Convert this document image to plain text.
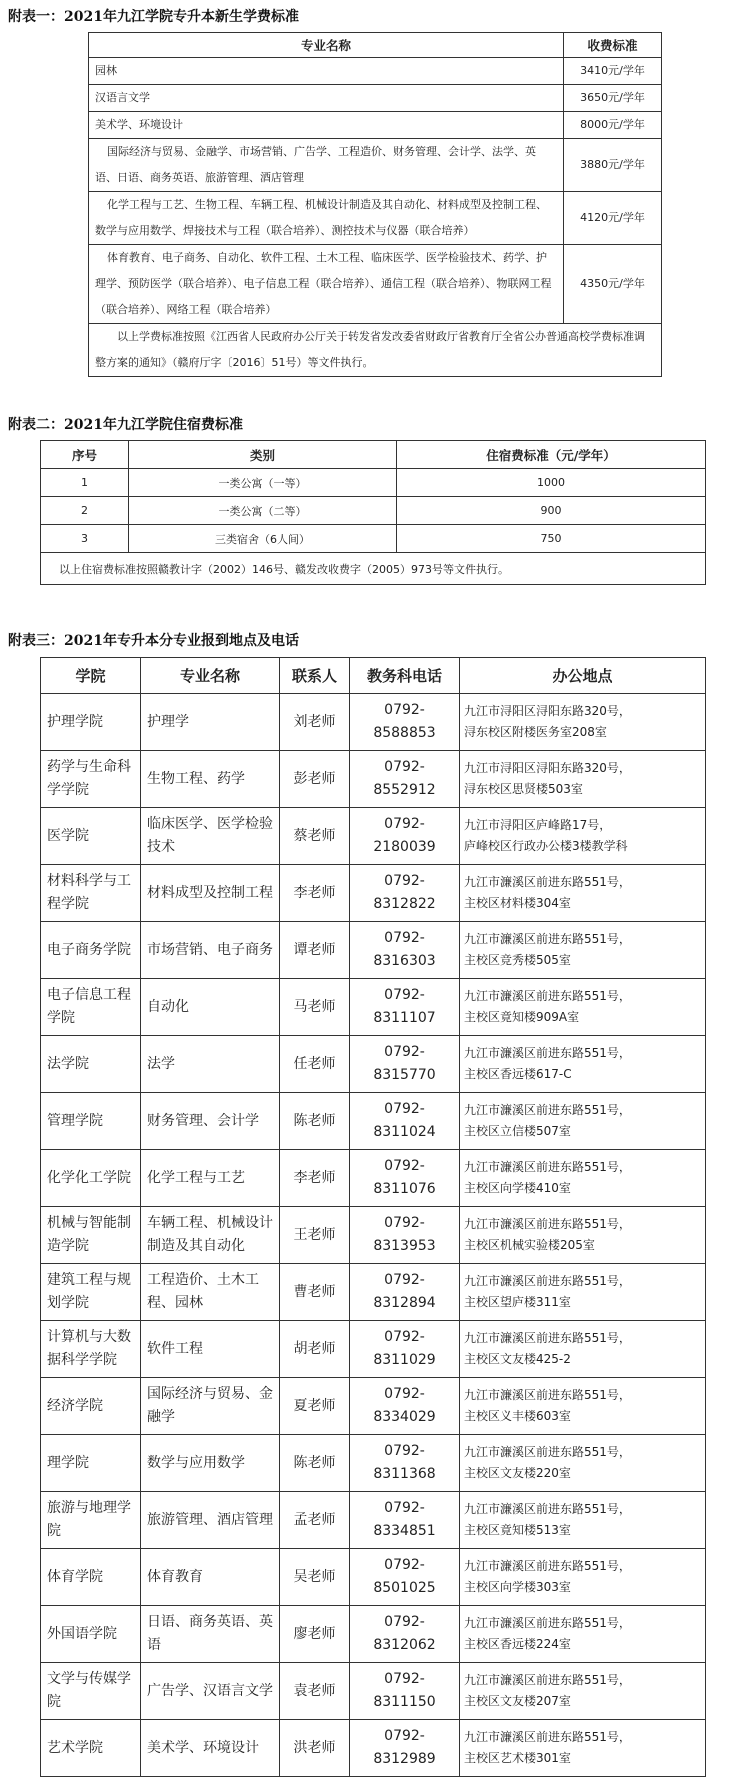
附表一：2021年九江学院专升本新生学费标准
专业名称	收费标准
园林	3410元/学年
汉语言文学	3650元/学年
美术学、环境设计	8000元/学年
国际经济与贸易、金融学、市场营销、广告学、工程造价、财务管理、会计学、法学、英语、日语、商务英语、旅游管理、酒店管理	3880元/学年
化学工程与工艺、生物工程、车辆工程、机械设计制造及其自动化、材料成型及控制工程、数学与应用数学、焊接技术与工程（联合培养）、测控技术与仪器（联合培养）	4120元/学年
体育教育、电子商务、自动化、软件工程、土木工程、临床医学、医学检验技术、药学、护理学、预防医学（联合培养）、电子信息工程（联合培养）、通信工程（联合培养）、物联网工程（联合培养）、网络工程（联合培养）	4350元/学年
以上学费标准按照《江西省人民政府办公厅关于转发省发改委省财政厅省教育厅全省公办普通高校学费标准调整方案的通知》（赣府厅字〔2016〕51号）等文件执行。	
附表二：2021年九江学院住宿费标准
序号	类别	住宿费标准（元/学年）
1	一类公寓（一等）	1000
2	一类公寓（二等）	900
3	三类宿舍（6人间）	750
以上住宿费标准按照赣教计字（2002）146号、赣发改收费字（2005）973号等文件执行。		
附表三：2021年专升本分专业报到地点及电话
学院	专业名称	联系人	教务科电话	办公地点
护理学院	护理学	刘老师	0792-8588853	九江市浔阳区浔阳东路320号，
浔东校区附楼医务室208室

药学与生命科学学院	生物工程、药学	彭老师	0792-8552912	九江市浔阳区浔阳东路320号，
浔东校区思贤楼503室

医学院	临床医学、医学检验技术	蔡老师	0792-2180039	九江市浔阳区庐峰路17号，
庐峰校区行政办公楼3楼教学科

材料科学与工程学院	材料成型及控制工程	李老师	0792-8312822	九江市濂溪区前进东路551号，
主校区材料楼304室

电子商务学院	市场营销、电子商务	谭老师	0792-8316303	九江市濂溪区前进东路551号，
主校区竞秀楼505室

电子信息工程学院	自动化	马老师	0792-8311107	九江市濂溪区前进东路551号，
主校区竟知楼909A室

法学院	法学	任老师	0792-8315770	九江市濂溪区前进东路551号，
主校区香远楼617-C

管理学院	财务管理、会计学	陈老师	0792-8311024	九江市濂溪区前进东路551号，
主校区立信楼507室

化学化工学院	化学工程与工艺	李老师	0792-8311076	九江市濂溪区前进东路551号，
主校区向学楼410室

机械与智能制造学院	车辆工程、机械设计制造及其自动化	王老师	0792-8313953	九江市濂溪区前进东路551号，
主校区机械实验楼205室

建筑工程与规划学院	工程造价、土木工程、园林	曹老师	0792-8312894	九江市濂溪区前进东路551号，
主校区望庐楼311室

计算机与大数据科学学院	软件工程	胡老师	0792-8311029	九江市濂溪区前进东路551号，
主校区文友楼425-2

经济学院	国际经济与贸易、金融学	夏老师	0792-8334029	九江市濂溪区前进东路551号，
主校区义丰楼603室

理学院	数学与应用数学	陈老师	0792-8311368	九江市濂溪区前进东路551号，
主校区文友楼220室

旅游与地理学院	旅游管理、酒店管理	孟老师	0792-8334851	九江市濂溪区前进东路551号，
主校区竟知楼513室

体育学院	体育教育	吴老师	0792-8501025	九江市濂溪区前进东路551号，
主校区向学楼303室

外国语学院	日语、商务英语、英语	廖老师	0792-8312062	九江市濂溪区前进东路551号，
主校区香远楼224室

文学与传媒学院	广告学、汉语言文学	袁老师	0792-8311150	九江市濂溪区前进东路551号，
主校区文友楼207室

艺术学院	美术学、环境设计	洪老师	0792-8312989	九江市濂溪区前进东路551号，
主校区艺术楼301室
